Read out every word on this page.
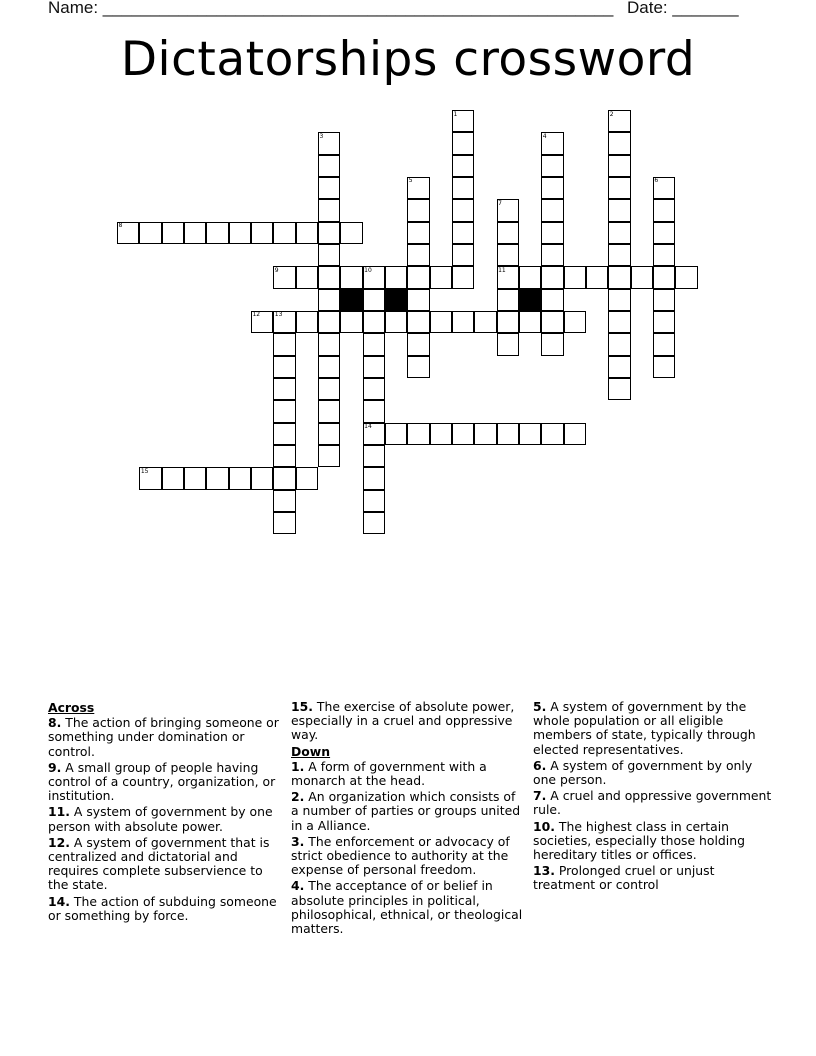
Name: ______________________________________________________ Date: _______
Dictatorships crossword
1	2
3	4
5	6
7
8
9	10	11
12 13
14
15
Across
8. The action of bringing someone or something under domination or control.
9. A small group of people having control of a country, organization, or institution.
11. A system of government by one person with absolute power.
12. A system of government that is centralized and dictatorial and requires complete subservience to the state.
14. The action of subduing someone or something by force.
15. The exercise of absolute power, especially in a cruel and oppressive way.
Down
1. A form of government with a monarch at the head.
2. An organization which consists of a number of parties or groups united in a Alliance.
3. The enforcement or advocacy of strict obedience to authority at the expense of personal freedom.
4. The acceptance of or belief in absolute principles in political, philosophical, ethnical, or theological matters.
5. A system of government by the whole population or all eligible members of state, typically through elected representatives.
6. A system of government by only one person.
7. A cruel and oppressive government rule.
10. The highest class in certain societies, especially those holding hereditary titles or offices.
13. Prolonged cruel or unjust treatment or control
